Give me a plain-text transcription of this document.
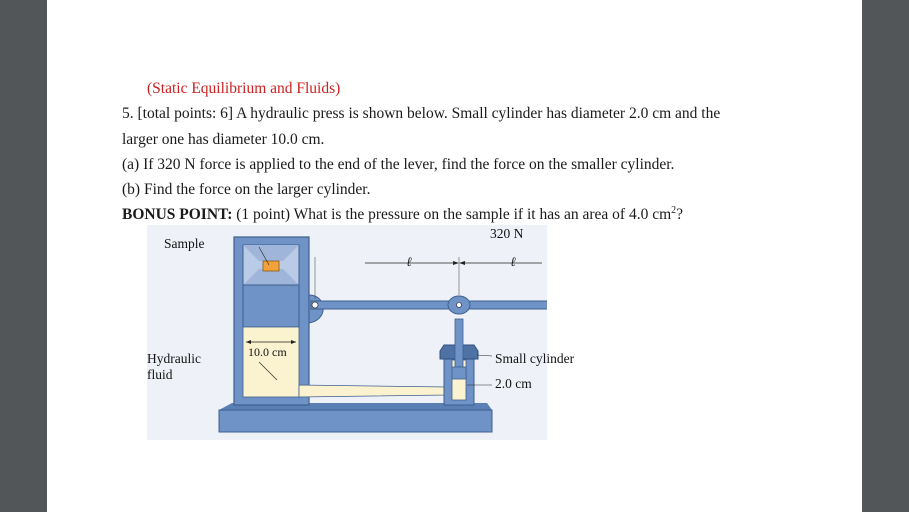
(Static Equilibrium and Fluids)
5. [total points: 6] A hydraulic press is shown below. Small cylinder has diameter 2.0 cm and the
larger one has diameter 10.0 cm.
(a) If 320 N force is applied to the end of the lever, find the force on the smaller cylinder.
(b) Find the force on the larger cylinder.
BONUS POINT: (1 point) What is the pressure on the sample if it has an area of 4.0 $cm^2$?
ℓ	ℓ
Sample
Hydraulic
fluid
10.0 cm	Small cylinder
2.0 cm
320 N
